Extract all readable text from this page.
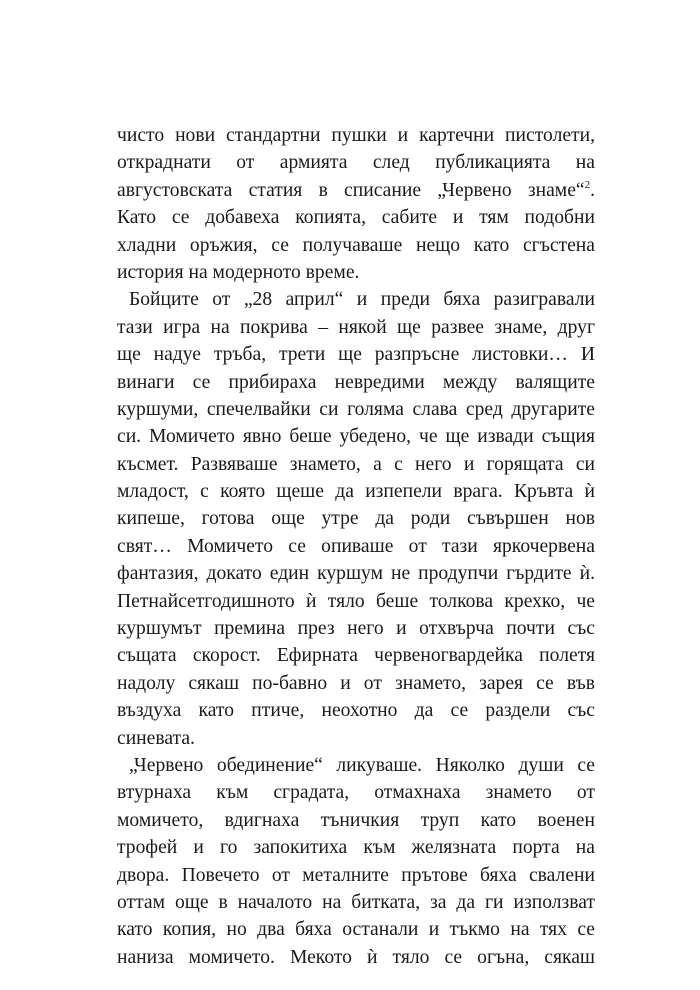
чисто нови стандартни пушки и картечни пистолети,
откраднати от армията след публикацията на
августовската статия в списание „Червено знаме“$^2$.
Като се добавеха копията, сабите и тям подобни
хладни оръжия, се получаваше нещо като сгъстена
история на модерното време.

Бойците от „28 април“ и преди бяха разигравали
тази игра на покрива – някой ще развее знаме, друг
ще надуе тръба, трети ще разпръсне листовки… И
винаги се прибираха невредими между валящите
куршуми, спечелвайки си голяма слава сред другарите
си. Момичето явно беше убедено, че ще извади същия
късмет. Развяваше знамето, а с него и горящата си
младост, с която щеше да изпепели врага. Кръвта ѝ
кипеше, готова още утре да роди съвършен нов
свят… Момичето се опиваше от тази яркочервена
фантазия, докато един куршум не продупчи гърдите ѝ.
Петнайсетгодишното ѝ тяло беше толкова крехко, че
куршумът премина през него и отхвърча почти със
същата скорост. Ефирната червеногвардейка полетя
надолу сякаш по-бавно и от знамето, зарея се във
въздуха като птиче, неохотно да се раздели със
синевата.

„Червено обединение“ ликуваше. Няколко души се
втурнаха към сградата, отмахнаха знамето от
момичето, вдигнаха тъничкия труп като военен
трофей и го запокитиха към желязната порта на
двора. Повечето от металните прътове бяха свалени
оттам още в началото на битката, за да ги използват
като копия, но два бяха останали и тъкмо на тях се
наниза момичето. Мекото ѝ тяло се огъна, сякаш
